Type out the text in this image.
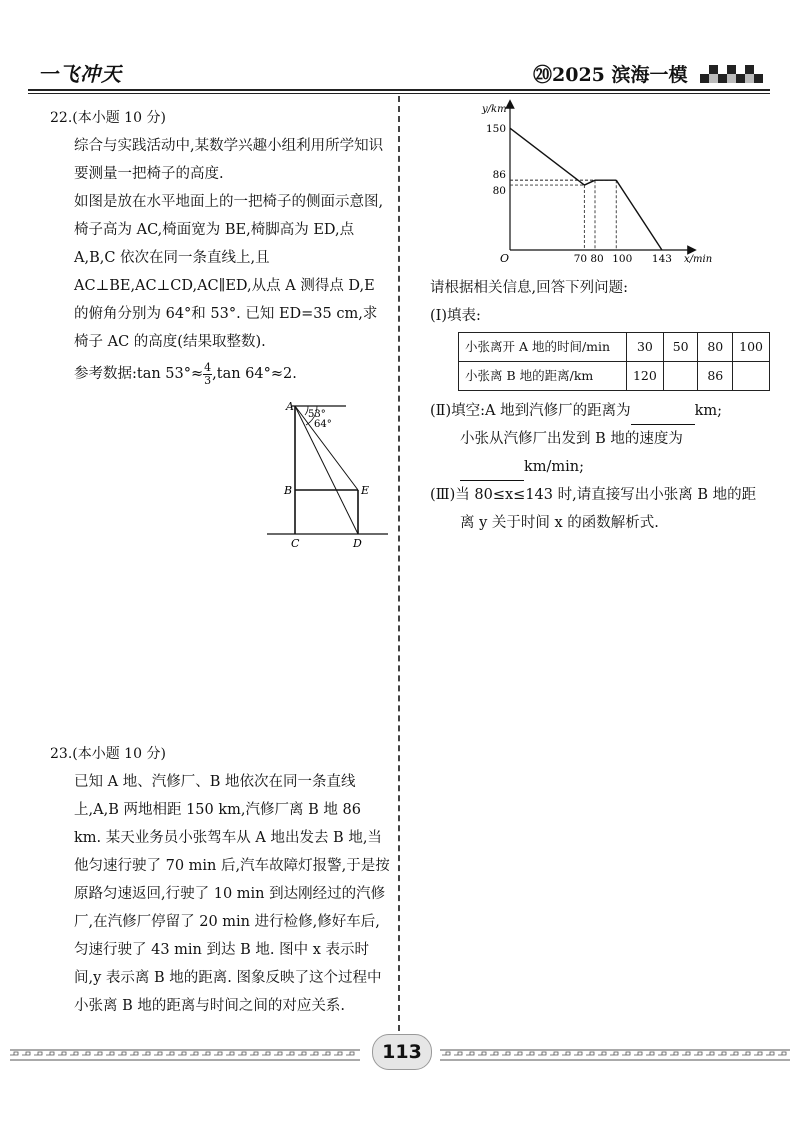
一飞冲天	⑳2025 滨海一模
22.(本小题 10 分)
综合与实践活动中,某数学兴趣小组利用所学知识要测量一把椅子的高度.
如图是放在水平地面上的一把椅子的侧面示意图,椅子高为 AC,椅面宽为 BE,椅脚高为 ED,点 A,B,C 依次在同一条直线上,且 AC⊥BE,AC⊥CD,AC∥ED,从点 A 测得点 D,E 的俯角分别为 64°和 53°. 已知 ED=35 cm,求椅子 AC 的高度(结果取整数).
参考数据:tan $53^\circ\approx \frac{4}{3} ,\tan$ 64°≈2.
A
53°
64°
B	E
C	D
23.(本小题 10 分)
已知 A 地、汽修厂、B 地依次在同一条直线上,A,B 两地相距 150 km,汽修厂离 B 地 86 km. 某天业务员小张驾车从 A 地出发去 B 地,当他匀速行驶了 70 min 后,汽车故障灯报警,于是按原路匀速返回,行驶了 10 min 到达刚经过的汽修厂,在汽修厂停留了 20 min 进行检修,修好车后,匀速行驶了 43 min 到达 B 地. 图中 x 表示时间,y 表示离 B 地的距离. 图象反映了这个过程中小张离 B 地的距离与时间之间的对应关系.
150
86
80
70 80 100 143
O	x/min
y/km
请根据相关信息,回答下列问题:
(Ⅰ)填表:
小张离开 A 地的时间/min	30	50	80	100
小张离 B 地的距离/km	120		86	
(Ⅱ)填空:A 地到汽修厂的距离为	km;
小张从汽修厂出发到 B 地的速度为
km/min;
(Ⅲ)当 80≤x≤143 时,请直接写出小张离 B 地的距离 y 关于时间 x 的函数解析式.
113
